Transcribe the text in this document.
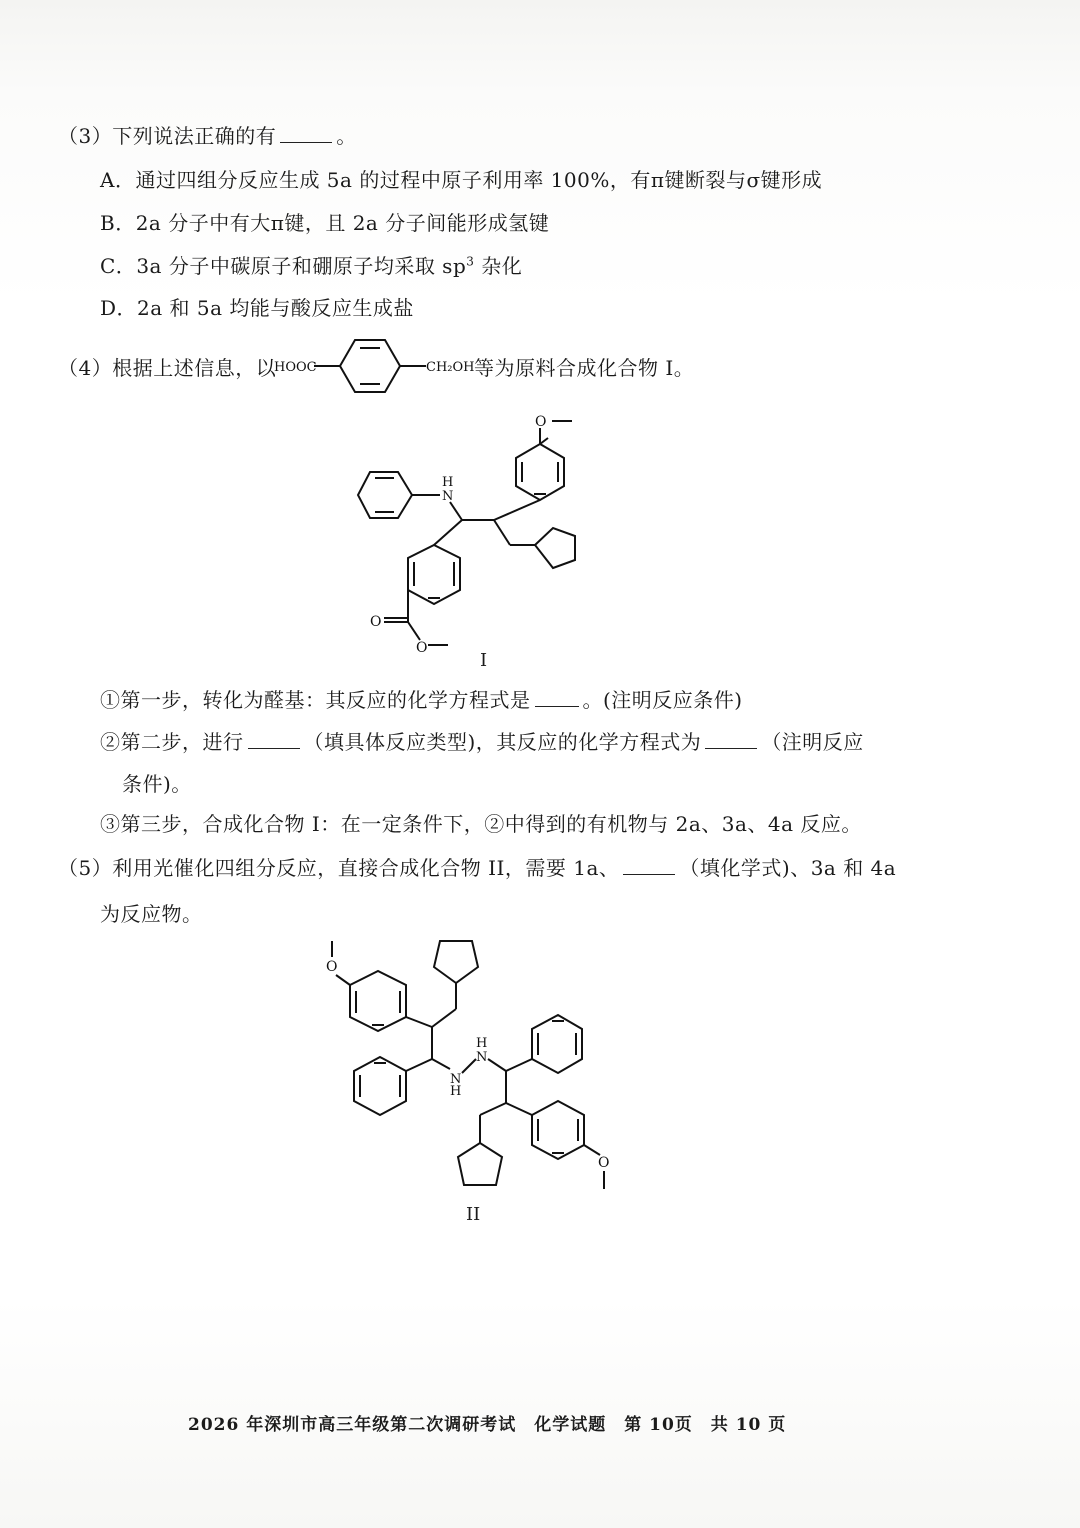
（3）下列说法正确的有	。
A．通过四组分反应生成 5a 的过程中原子利用率 100%，有π键断裂与σ键形成
B．2a 分子中有大π键，且 2a 分子间能形成氢键
C．3a 分子中碳原子和硼原子均采取 $sp^3$ 杂化
D．2a 和 5a 均能与酸反应生成盐
（4）根据上述信息，以
HOOC	CH₂OH 等为原料合成化合物 I。
O
H
N
O
O
I
①第一步，转化为醛基：其反应的化学方程式是	。(注明反应条件)
②第二步，进行	（填具体反应类型)，其反应的化学方程式为	（注明反应
条件)。
③第三步，合成化合物 I：在一定条件下，②中得到的有机物与 2a、3a、4a 反应。
（5）利用光催化四组分反应，直接合成化合物 II，需要 1a、	（填化学式)、3a 和 4a
为反应物。
O
N
H
H
N
O
II
2026 年深圳市高三年级第二次调研考试　化学试题　第 10页　共 10 页
